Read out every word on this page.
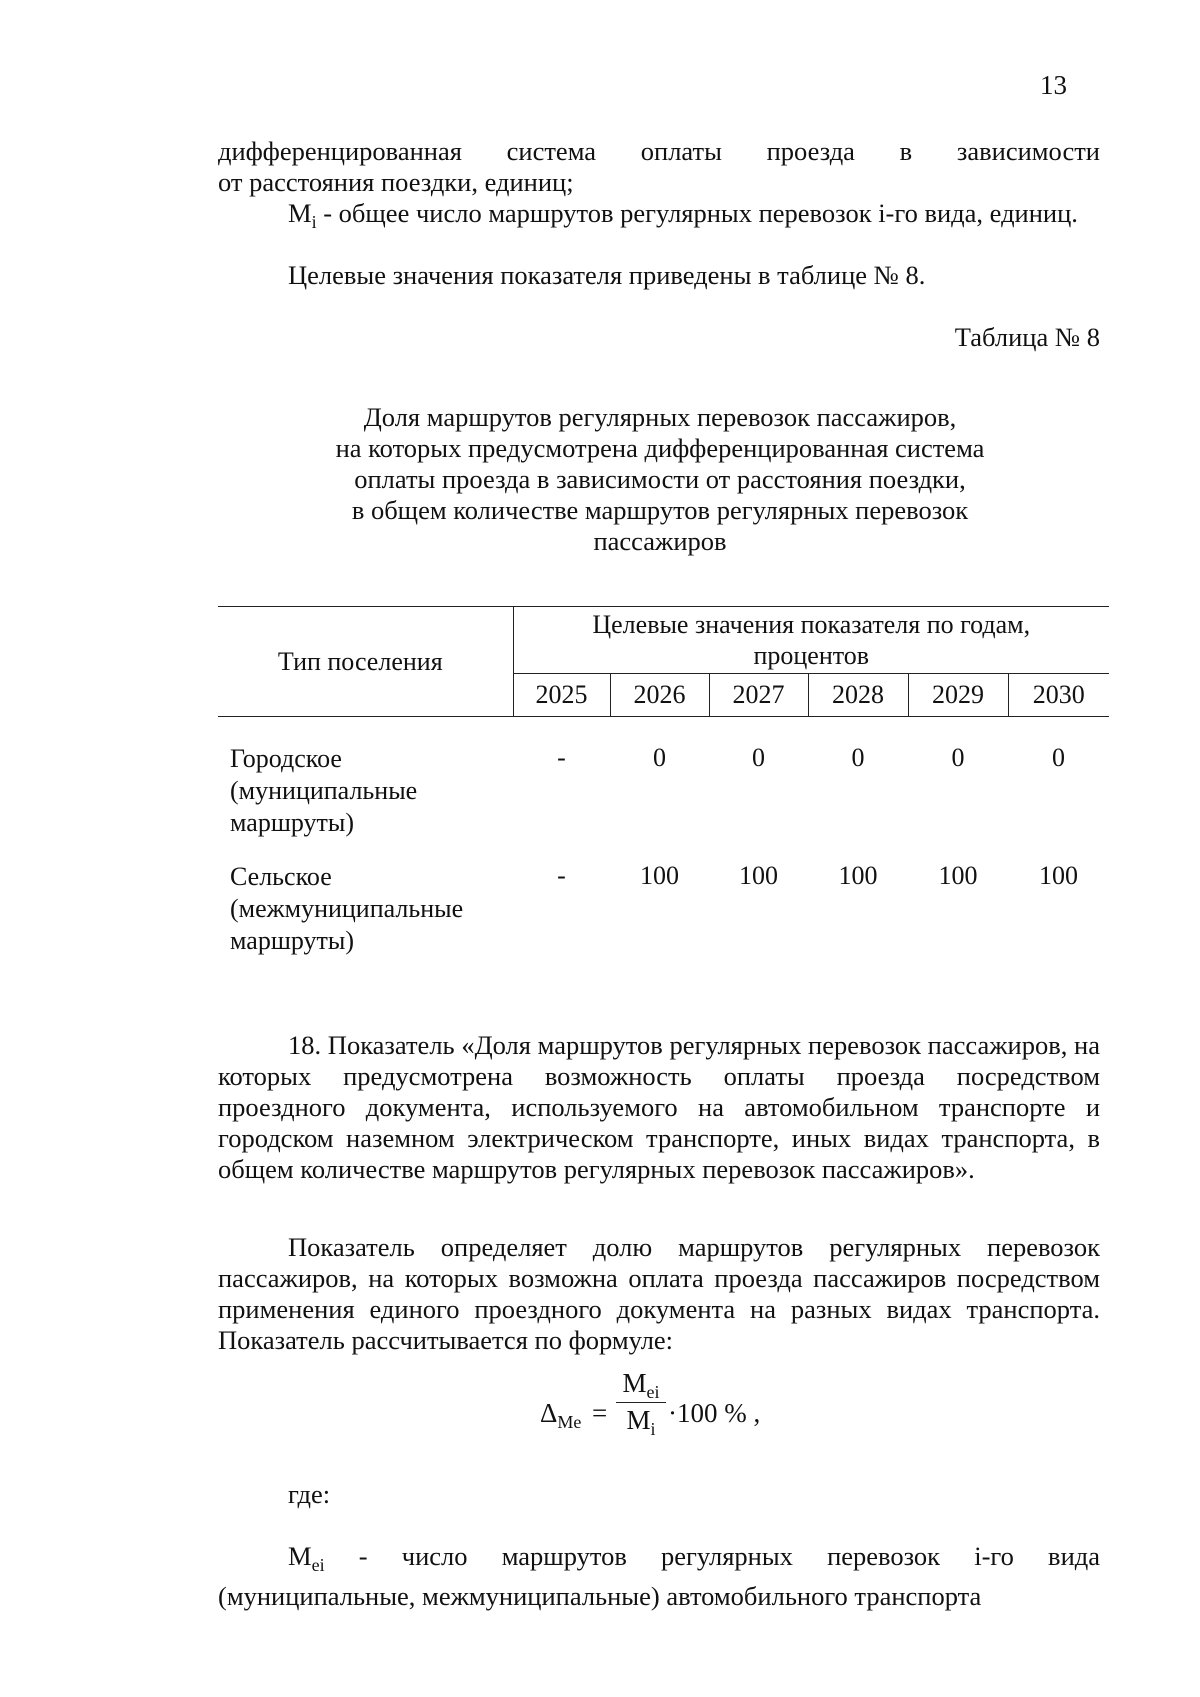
13
дифференцированная система оплаты проезда в зависимости
от расстояния поездки, единиц;

$M_i$ - общее число маршрутов регулярных перевозок i-го вида, единиц.

Целевые значения показателя приведены в таблице № 8.

Таблица № 8

Доля маршрутов регулярных перевозок пассажиров,
на которых предусмотрена дифференцированная система
оплаты проезда в зависимости от расстояния поездки,
в общем количестве маршрутов регулярных перевозок
пассажиров
Тип поселения	Целевые значения показателя по годам, процентов					
	2025	2026	2027	2028	2029	2030
Городское (муниципальные маршруты)	-	0	0	0	0	0
Сельское (межмуниципальные маршруты)	-	100	100	100	100	100

18. Показатель «Доля маршрутов регулярных перевозок пассажиров, на которых предусмотрена возможность оплаты проезда посредством проездного документа, используемого на автомобильном транспорте и городском наземном электрическом транспорте, иных видах транспорта, в общем количестве маршрутов регулярных перевозок пассажиров».

Показатель определяет долю маршрутов регулярных перевозок пассажиров, на которых возможна оплата проезда пассажиров посредством применения единого проездного документа на разных видах транспорта. Показатель рассчитывается по формуле:

$\Delta_{Me}$ =
$M_{ei}$
$M_i$
·100 % ,

где:

$M_{ei}$ - число маршрутов регулярных перевозок i-го вида (муниципальные, межмуниципальные) автомобильного транспорта
